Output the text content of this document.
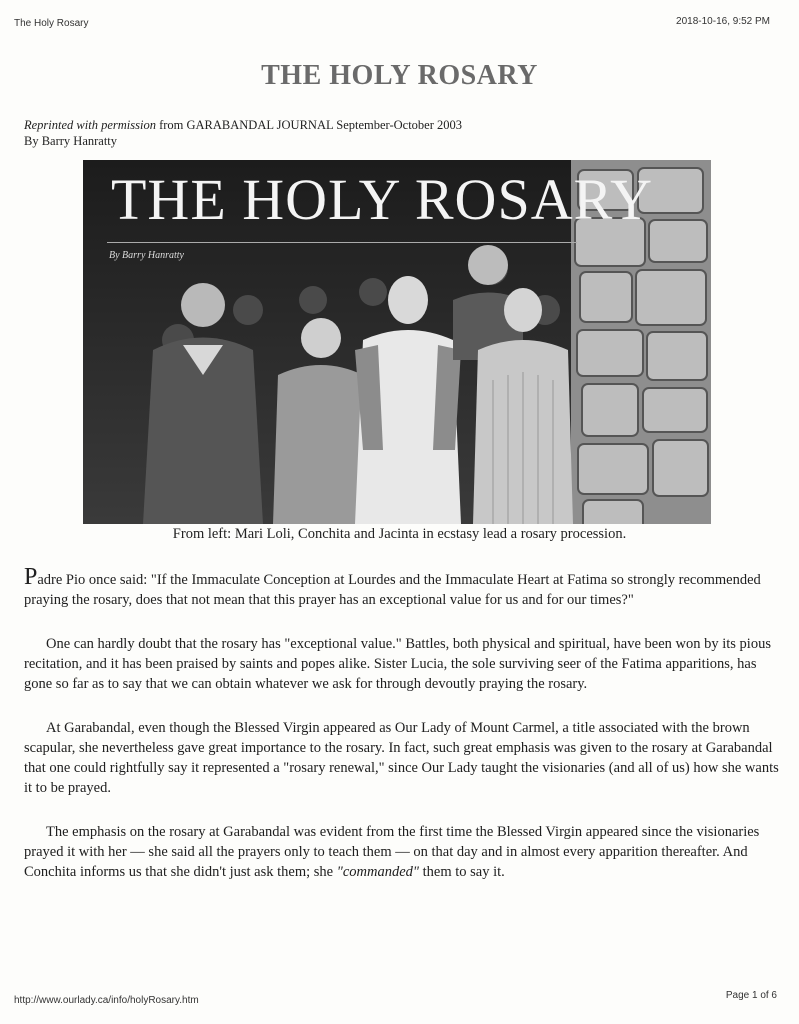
The Holy Rosary	2018-10-16, 9:52 PM
THE HOLY ROSARY
Reprinted with permission from GARABANDAL JOURNAL September-October 2003
By Barry Hanratty
THE HOLY ROSARY
By Barry Hanratty
From left: Mari Loli, Conchita and Jacinta in ecstasy lead a rosary procession.

Padre Pio once said: "If the Immaculate Conception at Lourdes and the Immaculate Heart at Fatima so strongly recommended praying the rosary, does that not mean that this prayer has an exceptional value for us and for our times?"

One can hardly doubt that the rosary has "exceptional value." Battles, both physical and spiritual, have been won by its pious recitation, and it has been praised by saints and popes alike. Sister Lucia, the sole surviving seer of the Fatima apparitions, has gone so far as to say that we can obtain whatever we ask for through devoutly praying the rosary.

At Garabandal, even though the Blessed Virgin appeared as Our Lady of Mount Carmel, a title associated with the brown scapular, she nevertheless gave great importance to the rosary. In fact, such great emphasis was given to the rosary at Garabandal that one could rightfully say it represented a "rosary renewal," since Our Lady taught the visionaries (and all of us) how she wants it to be prayed.

The emphasis on the rosary at Garabandal was evident from the first time the Blessed Virgin appeared since the visionaries prayed it with her — she said all the prayers only to teach them — on that day and in almost every apparition thereafter. And Conchita informs us that she didn't just ask them; she "commanded" them to say it.

http://www.ourlady.ca/info/holyRosary.htm	Page 1 of 6
